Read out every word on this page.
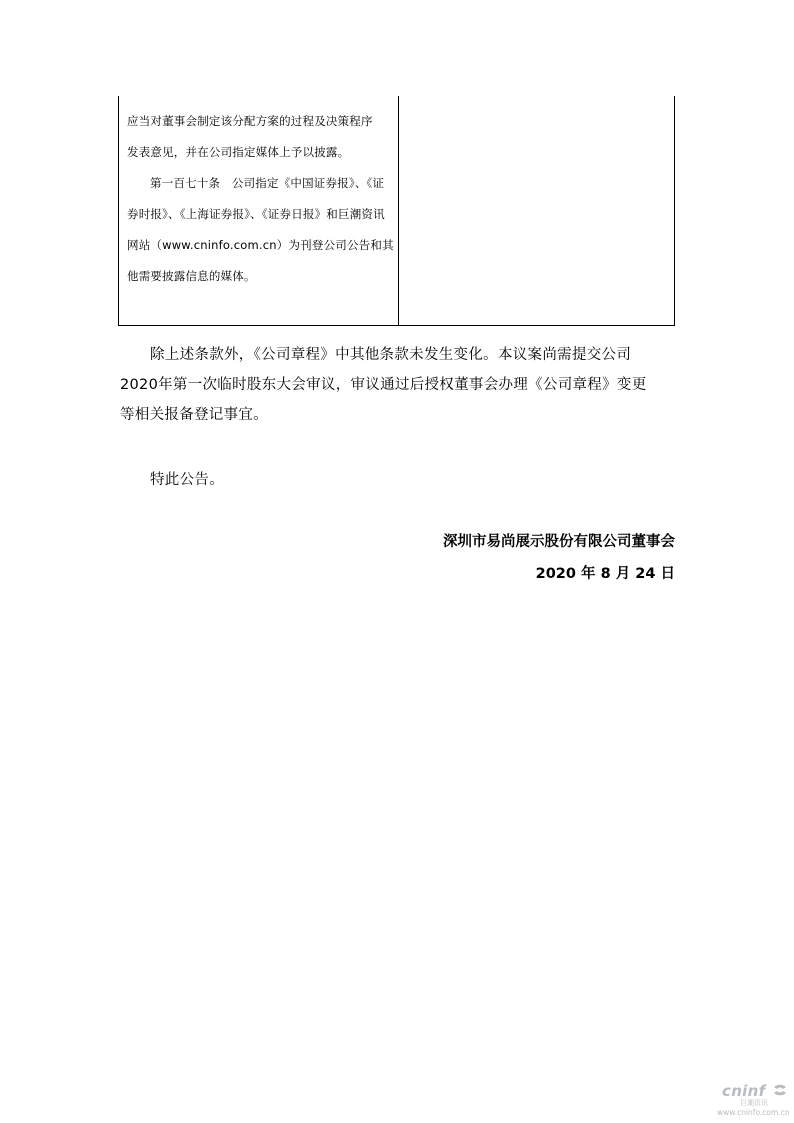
应当对董事会制定该分配方案的过程及决策程序
发表意见，并在公司指定媒体上予以披露。
第一百七十条　公司指定《中国证券报》、《证
券时报》、《上海证券报》、《证券日报》和巨潮资讯
网站（www.cninfo.com.cn）为刊登公司公告和其
他需要披露信息的媒体。
除上述条款外，《公司章程》中其他条款未发生变化。本议案尚需提交公司
2020年第一次临时股东大会审议，审议通过后授权董事会办理《公司章程》变更
等相关报备登记事宜。
特此公告。
深圳市易尚展示股份有限公司董事会
2020 年 8 月 24 日
cninf
巨潮资讯
www.cninfo.com.cn
